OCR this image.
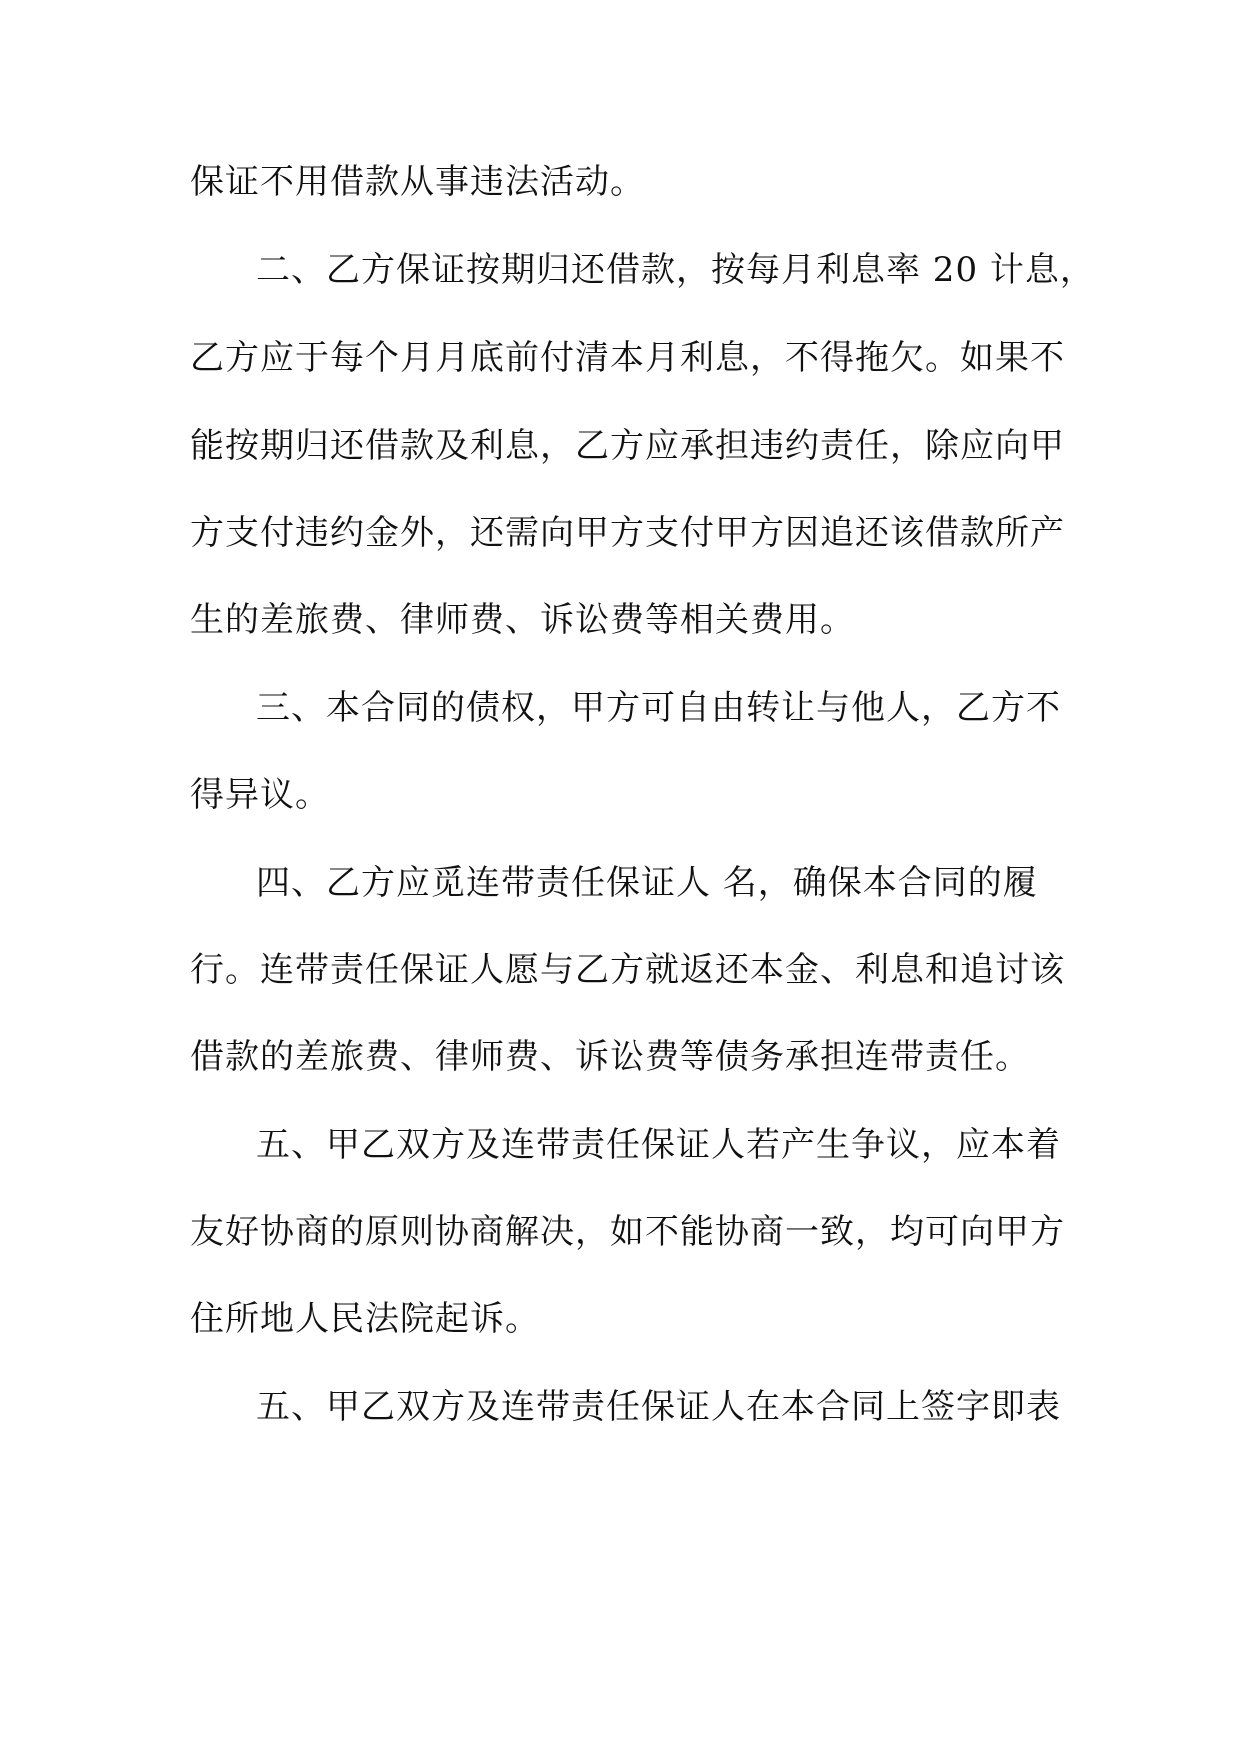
保证不用借款从事违法活动。
二、乙方保证按期归还借款，按每月利息率 20 计息，
乙方应于每个月月底前付清本月利息，不得拖欠。如果不
能按期归还借款及利息，乙方应承担违约责任，除应向甲
方支付违约金外，还需向甲方支付甲方因追还该借款所产
生的差旅费、律师费、诉讼费等相关费用。
三、本合同的债权，甲方可自由转让与他人，乙方不
得异议。
四、乙方应觅连带责任保证人 名，确保本合同的履
行。连带责任保证人愿与乙方就返还本金、利息和追讨该
借款的差旅费、律师费、诉讼费等债务承担连带责任。
五、甲乙双方及连带责任保证人若产生争议，应本着
友好协商的原则协商解决，如不能协商一致，均可向甲方
住所地人民法院起诉。
五、甲乙双方及连带责任保证人在本合同上签字即表
